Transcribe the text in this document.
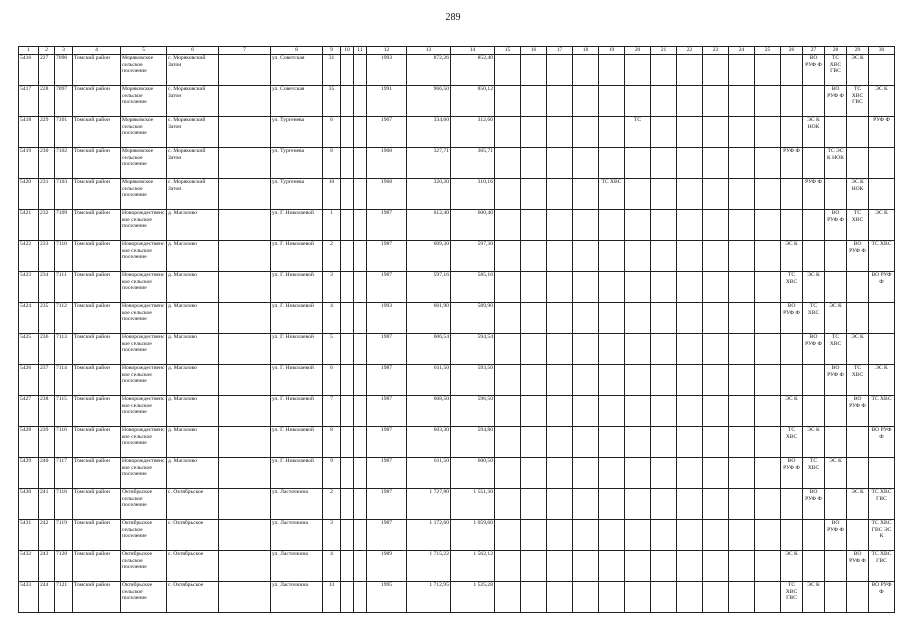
289
1	2	3	4	5	6	7	8	9	10	11	12	13	14	15	16	17	18	19	20	21	22	23	24	25	26	27	28	29	30
5416	227	7096	Томский район	Моряковское сельское поселение	с. Моряковский Затон		ул. Советская	31			1993	872,26	852,40													ВО РУФ Ф	ТС ХВС ГВС	ЭС К	
5417	228	7097	Томский район	Моряковское сельское поселение	с. Моряковский Затон		ул. Советская	35			1991	966,50	850,12														ВО РУФ Ф	ТС ХВС ГВС	ЭС К
5418	229	7101	Томский район	Моряковское сельское поселение	с. Моряковский Затон		ул. Тургенева	6			1967	334,60	312,60						ТС							ЭС К НОК			РУФ Ф
5419	230	7102	Томский район	Моряковское сельское поселение	с. Моряковский Затон		ул. Тургенева	8			1968	327,71	305,71												РУФ Ф		ТС ЭС К НОК		
5420	231	7103	Томский район	Моряковское сельское поселение	с. Моряковский Затон		ул. Тургенева	10			1968	320,20	310,16					ТС ХВС								РУФ Ф		ЭС К НОК	
5421	232	7109	Томский район	Новорождественское сельское поселение	д. Магалово		ул. Г. Николаевой	1			1987	612,40	600,40														ВО РУФ Ф	ТС ХВС	ЭС К
5422	233	7110	Томский район	Новорождественское сельское поселение	д. Магалово		ул. Г. Николаевой	2			1987	609,30	597,30												ЭС К			ВО РУФ Ф	ТС ХВС
5423	234	7111	Томский район	Новорождественское сельское поселение	д. Магалово		ул. Г. Николаевой	3			1987	597,16	585,16												ТС ХВС	ЭС К			ВО РУФ Ф
5424	235	7112	Томский район	Новорождественское сельское поселение	д. Магалово		ул. Г. Николаевой	4			1993	601,90	589,90												ВО РУФ Ф	ТС ХВС	ЭС К		
5425	236	7113	Томский район	Новорождественское сельское поселение	д. Магалово		ул. Г. Николаевой	5			1987	606,54	594,54													ВО РУФ Ф	ТС ХВС	ЭС К	
5426	237	7114	Томский район	Новорождественское сельское поселение	д. Магалово		ул. Г. Николаевой	6			1987	611,50	593,50														ВО РУФ Ф	ТС ХВС	ЭС К
5427	238	7115	Томский район	Новорождественское сельское поселение	д. Магалово		ул. Г. Николаевой	7			1987	608,50	596,50												ЭС К			ВО РУФ Ф	ТС ХВС
5428	239	7116	Томский район	Новорождественское сельское поселение	д. Магалово		ул. Г. Николаевой	8			1987	603,30	594,80												ТС ХВС	ЭС К			ВО РУФ Ф
5429	240	7117	Томский район	Новорождественское сельское поселение	д. Магалово		ул. Г. Николаевой	9			1987	611,50	600,50												ВО РУФ Ф	ТС ХВС	ЭС К		
5430	241	7118	Томский район	Октябрьское сельское поселение	с. Октябрьское		ул. Ласточкина	2			1987	1 727,80	1 551,30													ВО РУФ Ф		ЭС К	ТС ХВС ГВС
5431	242	7119	Томский район	Октябрьское сельское поселение	с. Октябрьское		ул. Ласточкина	3			1987	1 172,60	1 059,60														ВО РУФ Ф		ТС ХВС ГВС ЭС К
5432	243	7120	Томский район	Октябрьское сельское поселение	с. Октябрьское		ул. Ласточкина	4			1989	1 715,22	1 562,12												ЭС К			ВО РУФ Ф	ТС ХВС ГВС
5433	244	7121	Томский район	Октябрьское сельское поселение	с. Октябрьское		ул. Ласточкина	13			1995	1 712,95	1 525,28												ТС ХВС ГВС	ЭС К			ВО РУФ Ф
